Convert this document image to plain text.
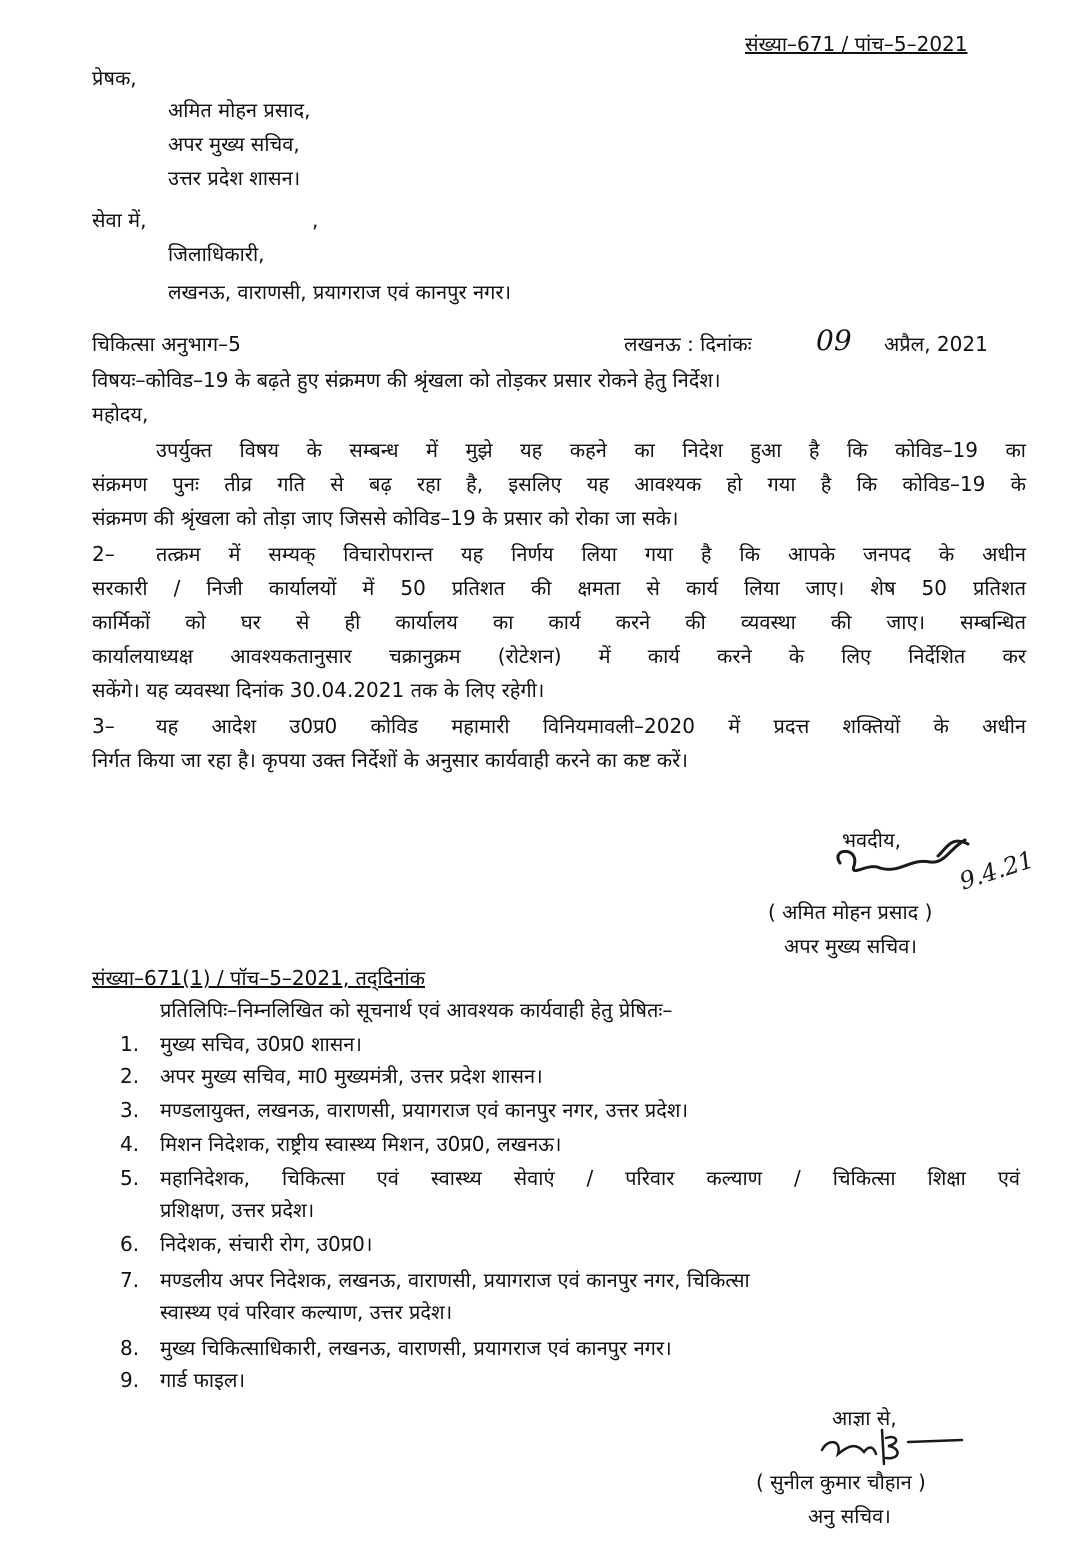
संख्या–671 / पांच–5–2021
प्रेषक,
अमित मोहन प्रसाद,
अपर मुख्य सचिव,
उत्तर प्रदेश शासन।
सेवा में,	,
जिलाधिकारी,
लखनऊ, वाराणसी, प्रयागराज एवं कानपुर नगर।
चिकित्सा अनुभाग–5	लखनऊ : दिनांकः 09 अप्रैल, 2021
विषयः–कोविड–19 के बढ़ते हुए संक्रमण की श्रृंखला को तोड़कर प्रसार रोकने हेतु निर्देश।
महोदय,
उपर्युक्त विषय के सम्बन्ध में मुझे यह कहने का निदेश हुआ है कि कोविड–19 का
संक्रमण पुनः तीव्र गति से बढ़ रहा है, इसलिए यह आवश्यक हो गया है कि कोविड–19 के
संक्रमण की श्रृंखला को तोड़ा जाए जिससे कोविड–19 के प्रसार को रोका जा सके।
2– तत्क्रम में सम्यक् विचारोपरान्त यह निर्णय लिया गया है कि आपके जनपद के अधीन
सरकारी / निजी कार्यालयों में 50 प्रतिशत की क्षमता से कार्य लिया जाए। शेष 50 प्रतिशत
कार्मिकों को घर से ही कार्यालय का कार्य करने की व्यवस्था की जाए। सम्बन्धित
कार्यालयाध्यक्ष आवश्यकतानुसार चक्रानुक्रम (रोटेशन) में कार्य करने के लिए निर्देशित कर
सकेंगे। यह व्यवस्था दिनांक 30.04.2021 तक के लिए रहेगी।
3– यह आदेश उ0प्र0 कोविड महामारी विनियमावली–2020 में प्रदत्त शक्तियों के अधीन
निर्गत किया जा रहा है। कृपया उक्त निर्देशों के अनुसार कार्यवाही करने का कष्ट करें।
भवदीय,
9.4.21
( अमित मोहन प्रसाद )
अपर मुख्य सचिव।
संख्या–671(1) / पॉच–5–2021, तद्‌दिनांक
प्रतिलिपिः–निम्नलिखित को सूचनार्थ एवं आवश्यक कार्यवाही हेतु प्रेषितः–
1.	मुख्य सचिव, उ0प्र0 शासन।
2.	अपर मुख्य सचिव, मा0 मुख्यमंत्री, उत्तर प्रदेश शासन।
3.	मण्डलायुक्त, लखनऊ, वाराणसी, प्रयागराज एवं कानपुर नगर, उत्तर प्रदेश।
4.	मिशन निदेशक, राष्ट्रीय स्वास्थ्य मिशन, उ0प्र0, लखनऊ।
5.	महानिदेशक, चिकित्सा एवं स्वास्थ्य सेवाएं / परिवार कल्याण / चिकित्सा शिक्षा एवं
प्रशिक्षण, उत्तर प्रदेश।
6.	निदेशक, संचारी रोग, उ0प्र0।
7.	मण्डलीय अपर निदेशक, लखनऊ, वाराणसी, प्रयागराज एवं कानपुर नगर, चिकित्सा
स्वास्थ्य एवं परिवार कल्याण, उत्तर प्रदेश।
8.	मुख्य चिकित्साधिकारी, लखनऊ, वाराणसी, प्रयागराज एवं कानपुर नगर।
9.	गार्ड फाइल।
आज्ञा से,
( सुनील कुमार चौहान )
अनु सचिव।
